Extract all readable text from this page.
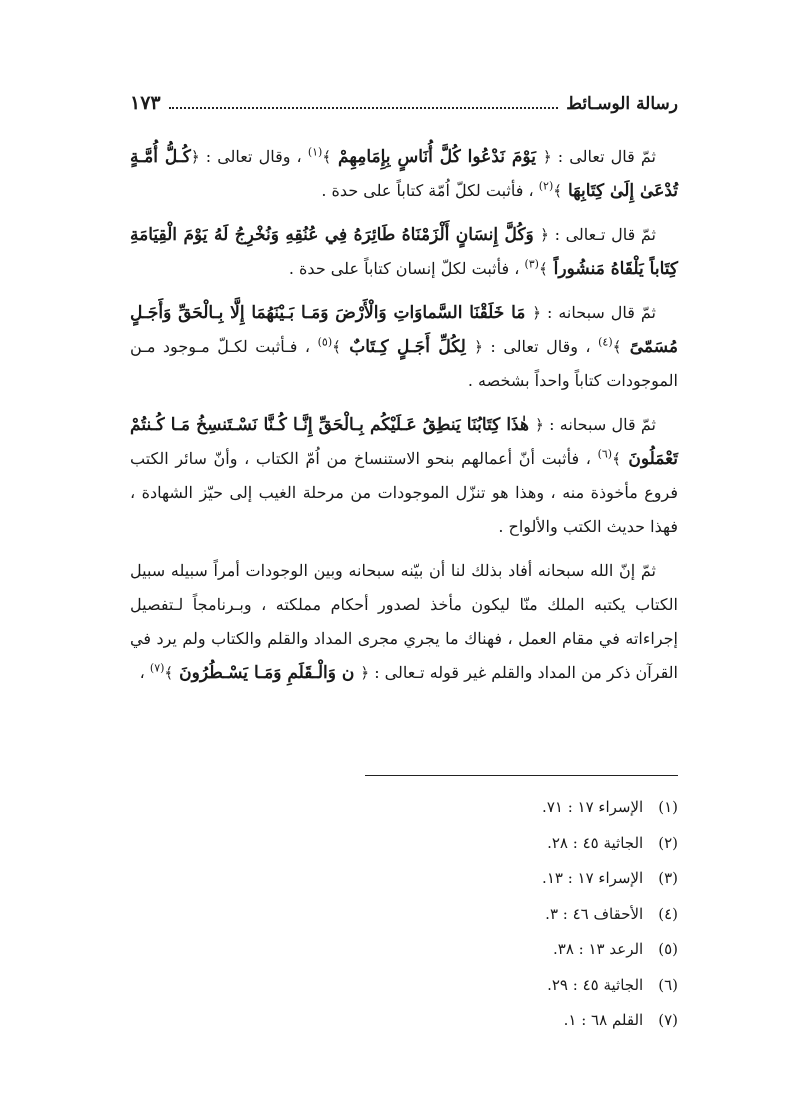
رسالة الوسـائط
١٧٣

ثمّ قال تعالى : ﴿ يَوْمَ نَدْعُوا كُلَّ أُنَاسٍ بِإِمَامِهِمْ ﴾$^{(١)}$ ، وقال تعالى : ﴿كُـلُّ أُمَّـةٍ تُدْعَىٰ إِلَىٰ كِتَابِهَا ﴾$^{(٢)}$ ، فأثبت لكلّ اُمّة كتاباً على حدة .

ثمّ قال تـعالى : ﴿ وَكُلَّ إِنسَانٍ أَلْزَمْنَاهُ طَائِرَهُ فِي عُنُقِهِ وَنُخْرِجُ لَهُ يَوْمَ الْقِيَامَةِ كِتَاباً يَلْقَاهُ مَنشُوراً ﴾$^{(٣)}$ ، فأثبت لكلّ إنسان كتاباً على حدة .

ثمّ قال سبحانه : ﴿ مَا خَلَقْنَا السَّماوَاتِ وَالْأَرْضَ وَمَـا بَـيْنَهُمَا إِلَّا بِـالْحَقِّ وَأَجَـلٍ مُسَمّىً ﴾$^{(٤)}$ ، وقال تعالى : ﴿ لِكُلِّ أَجَـلٍ كِـتَابٌ ﴾$^{(٥)}$ ، فـأثبت لكـلّ مـوجود مـن الموجودات كتاباً واحداً بشخصه .

ثمّ قال سبحانه : ﴿ هٰذَا كِتَابُنَا يَنطِقُ عَـلَيْكُم بِـالْحَقِّ إِنَّـا كُـنَّا نَسْـتَنسِخُ مَـا كُـنتُمْ تَعْمَلُونَ ﴾$^{(٦)}$ ، فأثبت أنّ أعمالهم بنحو الاستنساخ من اُمّ الكتاب ، وأنّ سائر الكتب فروع مأخوذة منه ، وهذا هو تنزّل الموجودات من مرحلة الغيب إلى حيّز الشهادة ، فهذا حديث الكتب والألواح .

ثمّ إنّ الله سبحانه أفاد بذلك لنا أن بيّنه سبحانه وبين الوجودات أمراً سبيله سبيل الكتاب يكتبه الملك منّا ليكون مأخذ لصدور أحكام مملكته ، وبـرنامجاً لـتفصيل إجراءاته في مقام العمل ، فهناك ما يجري مجرى المداد والقلم والكتاب ولم يرد في القرآن ذكر من المداد والقلم غير قوله تـعالى : ﴿ ن وَالْـقَلَمِ وَمَـا يَسْـطُرُونَ ﴾$^{(٧)}$ ،

(١) الإسراء ١٧ : ٧١.
(٢) الجاثية ٤٥ : ٢٨.
(٣) الإسراء ١٧ : ١٣.
(٤) الأحقاف ٤٦ : ٣.
(٥) الرعد ١٣ : ٣٨.
(٦) الجاثية ٤٥ : ٢٩.
(٧) القلم ٦٨ : ١.
